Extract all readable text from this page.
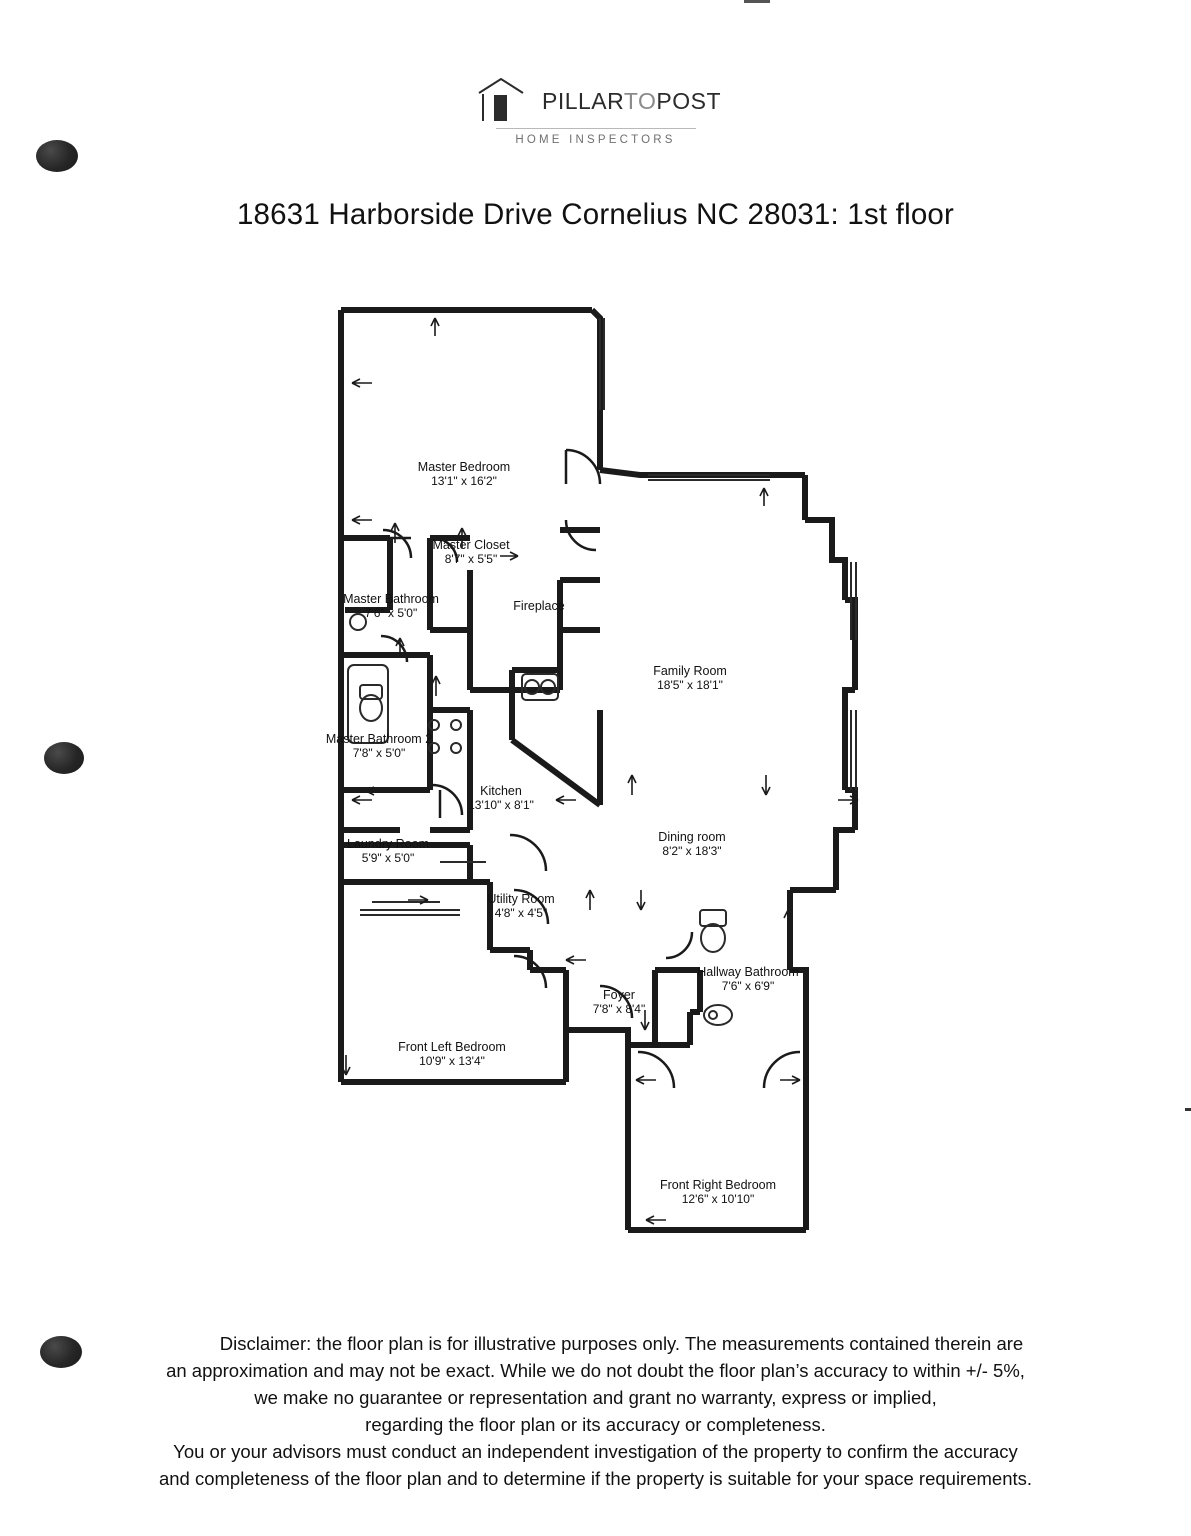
PILLARTOPOST
HOME INSPECTORS
18631 Harborside Drive Cornelius NC 28031: 1st floor
Master Bedroom
13'1" x 16'2"
Master Closet
8'7" x 5'5"
Master Bathroom
7'6" x 5'0"
Master Bathroom 2
7'8" x 5'0"
Fireplace
Family Room
18'5" x 18'1"
Kitchen
13'10" x 8'1"
Dining room
8'2" x 18'3"
Laundry Room
5'9" x 5'0"
Utility Room
4'8" x 4'5"
Foyer
7'8" x 8'4"
Hallway Bathroom
7'6" x 6'9"
Front Left Bedroom
10'9" x 13'4"
Front Right Bedroom
12'6" x 10'10"

Disclaimer: the floor plan is for illustrative purposes only. The measurements contained therein are

an approximation and may not be exact. While we do not doubt the floor plan’s accuracy to within +/- 5%,

we make no guarantee or representation and grant no warranty, express or implied,

regarding the floor plan or its accuracy or completeness.

You or your advisors must conduct an independent investigation of the property to confirm the accuracy

and completeness of the floor plan and to determine if the property is suitable for your space requirements.
